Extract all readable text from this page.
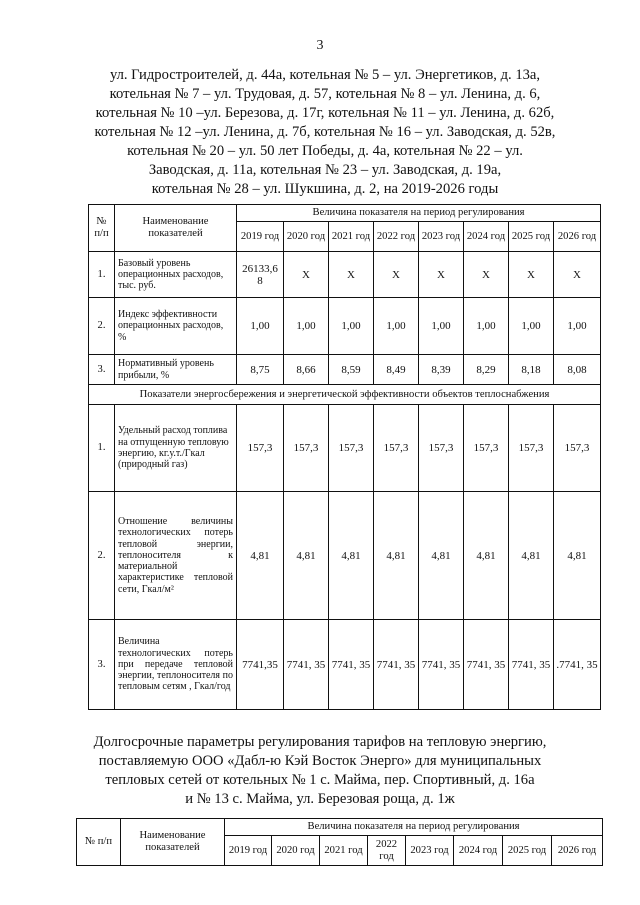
3
ул. Гидростроителей, д. 44а, котельная № 5 – ул. Энергетиков, д. 13а,
котельная № 7 – ул. Трудовая, д. 57, котельная № 8 – ул. Ленина, д. 6,
котельная № 10 –ул. Березова, д. 17г, котельная № 11 – ул. Ленина, д. 62б,
котельная № 12 –ул. Ленина, д. 7б, котельная № 16 – ул. Заводская, д. 52в,
котельная № 20 – ул. 50 лет Победы, д. 4а, котельная № 22 – ул.
Заводская, д. 11а, котельная № 23 – ул. Заводская, д. 19а,
котельная № 28 – ул. Шукшина, д. 2, на 2019-2026 годы
№ п/п	Наименование показателей	Величина показателя на период регулирования							
		2019 год	2020 год	2021 год	2022 год	2023 год	2024 год	2025 год	2026 год
1.	Базовый уровень операционных расходов, тыс. руб.	26133,6 8	Х	Х	Х	Х	Х	Х	Х
2.	Индекс эффективности операционных расходов, %	1,00	1,00	1,00	1,00	1,00	1,00	1,00	1,00
3.	Нормативный уровень прибыли, %	8,75	8,66	8,59	8,49	8,39	8,29	8,18	8,08
Показатели энергосбережения и энергетической эффективности объектов теплоснабжения									
1.	Удельный расход топлива на отпущенную тепловую энергию, кг.у.т./Гкал (природный газ)	157,3	157,3	157,3	157,3	157,3	157,3	157,3	157,3
2.	Отношение величины технологических потерь тепловой энергии, теплоносителя к материальной характеристике тепловой сети, Гкал/м²	4,81	4,81	4,81	4,81	4,81	4,81	4,81	4,81
3.	Величина технологических потерь при передаче тепловой энергии, теплоносителя по тепловым сетям , Гкал/год	7741,35	7741, 35	7741, 35	7741, 35	7741, 35	7741, 35	7741, 35	.7741, 35
Долгосрочные параметры регулирования тарифов на тепловую энергию,
поставляемую ООО «Дабл-ю Кэй Восток Энерго» для муниципальных
тепловых сетей от котельных № 1 с. Майма, пер. Спортивный, д. 16а
и № 13 с. Майма, ул. Березовая роща, д. 1ж
№ п/п	Наименование показателей	Величина показателя на период регулирования							
		2019 год	2020 год	2021 год	2022 год	2023 год	2024 год	2025 год	2026 год
